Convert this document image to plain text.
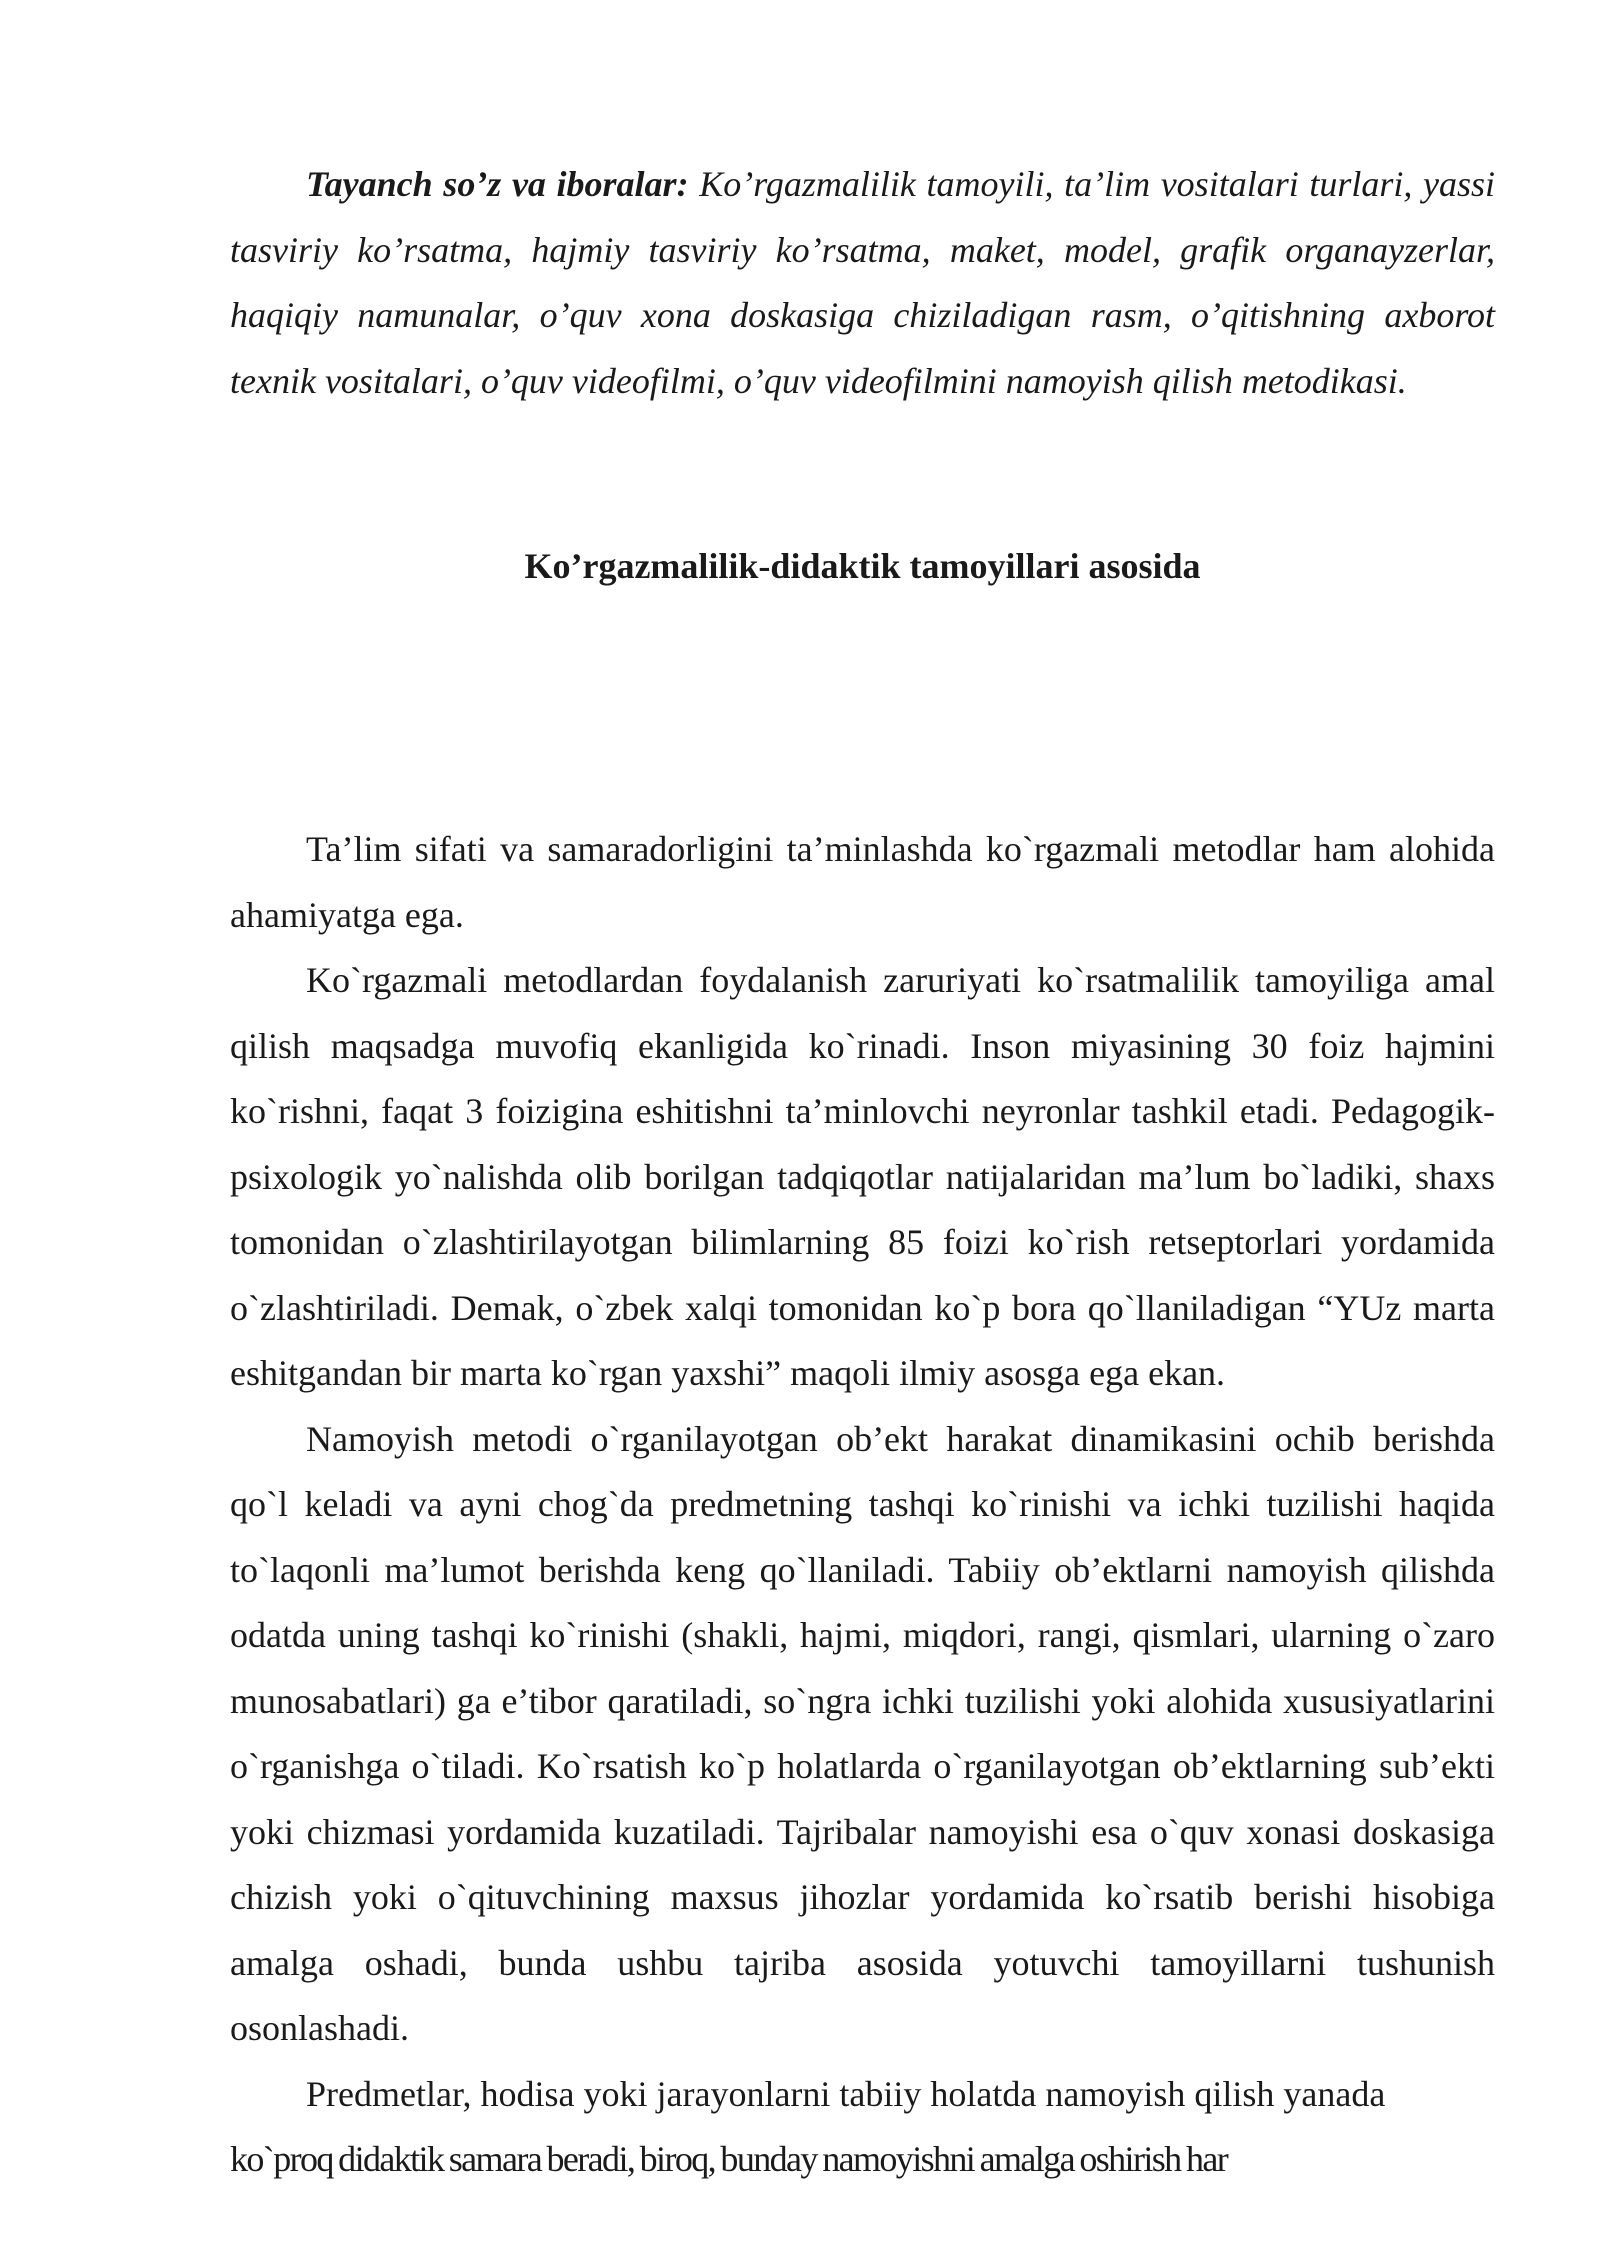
Tayanch so’z va iboralar: Ko’rgazmalilik tamoyili, ta’lim vositalari turlari, yassi tasviriy ko’rsatma, hajmiy tasviriy ko’rsatma, maket, model, grafik organayzerlar, haqiqiy namunalar, o’quv xona doskasiga chiziladigan rasm, o’qitishning axborot texnik vositalari, o’quv videofilmi, o’quv videofilmini namoyish qilish metodikasi.

Ko’rgazmalilik-didaktik tamoyillari asosida

Ta’lim sifati va samaradorligini ta’minlashda ko`rgazmali metodlar ham alohida ahamiyatga ega.

Ko`rgazmali metodlardan foydalanish zaruriyati ko`rsatmalilik tamoyiliga amal qilish maqsadga muvofiq ekanligida ko`rinadi. Inson miyasining 30 foiz hajmini ko`rishni, faqat 3 foizigina eshitishni ta’minlovchi neyronlar tashkil etadi. Pedagogik-psixologik yo`nalishda olib borilgan tadqiqotlar natijalaridan ma’lum bo`ladiki, shaxs tomonidan o`zlashtirilayotgan bilimlarning 85 foizi ko`rish retseptorlari yordamida o`zlashtiriladi. Demak, o`zbek xalqi tomonidan ko`p bora qo`llaniladigan “YUz marta eshitgandan bir marta ko`rgan yaxshi” maqoli ilmiy asosga ega ekan.

Namoyish metodi o`rganilayotgan ob’ekt harakat dinamikasini ochib berishda qo`l keladi va ayni chog`da predmetning tashqi ko`rinishi va ichki tuzilishi haqida to`laqonli ma’lumot berishda keng qo`llaniladi. Tabiiy ob’ektlarni namoyish qilishda odatda uning tashqi ko`rinishi (shakli, hajmi, miqdori, rangi, qismlari, ularning o`zaro munosabatlari) ga e’tibor qaratiladi, so`ngra ichki tuzilishi yoki alohida xususiyatlarini o`rganishga o`tiladi. Ko`rsatish ko`p holatlarda o`rganilayotgan ob’ektlarning sub’ekti yoki chizmasi yordamida kuzatiladi. Tajribalar namoyishi esa o`quv xonasi doskasiga chizish yoki o`qituvchining maxsus jihozlar yordamida ko`rsatib berishi hisobiga amalga oshadi, bunda ushbu tajriba asosida yotuvchi tamoyillarni tushunish osonlashadi.

Predmetlar, hodisa yoki jarayonlarni tabiiy holatda namoyish qilish yanada
ko`proq didaktik samara beradi, biroq, bunday namoyishni amalga oshirish har
